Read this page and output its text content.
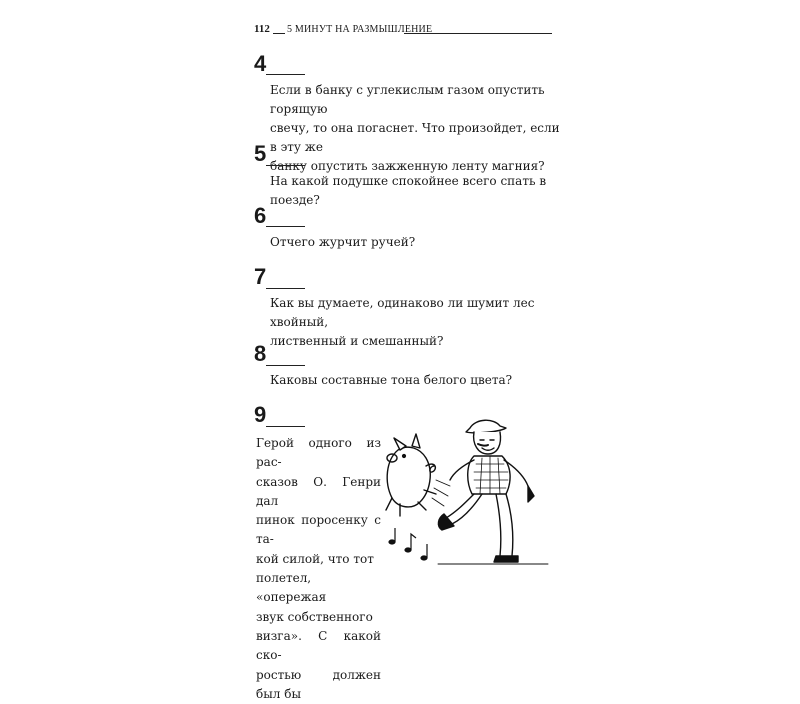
112 5 МИНУТ НА РАЗМЫШЛЕНИЕ
4
Если в банку с углекислым газом опустить горящую
свечу, то она погаснет. Что произойдет, если в эту же
банку опустить зажженную ленту магния?
5
На какой подушке спокойнее всего спать в поезде?
6
Отчего журчит ручей?
7
Как вы думаете, одинаково ли шумит лес хвойный,
лиственный и смешанный?
8
Каковы составные тона белого цвета?
9
Герой одного из рас-
сказов О. Генри дал
пинок поросенку с та-
кой силой, что тот
полетел, «опережая
звук собственного
визга». С какой ско-
ростью должен был бы
